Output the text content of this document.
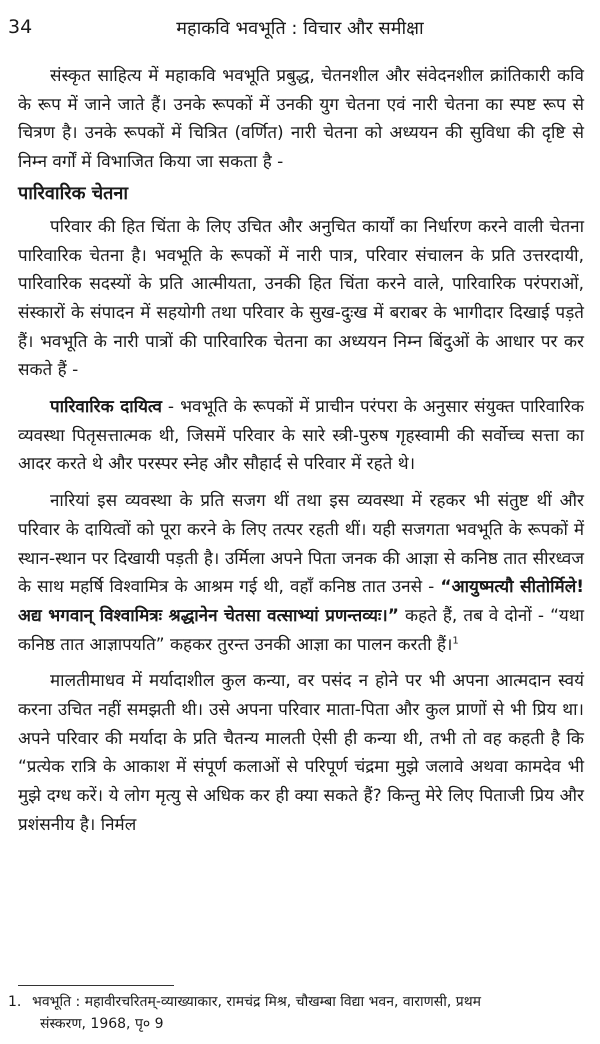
34	महाकवि भवभूति : विचार और समीक्षा

संस्कृत साहित्य में महाकवि भवभूति प्रबुद्ध, चेतनशील और संवेदनशील क्रांतिकारी कवि के रूप में जाने जाते हैं। उनके रूपकों में उनकी युग चेतना एवं नारी चेतना का स्पष्ट रूप से चित्रण है। उनके रूपकों में चित्रित (वर्णित) नारी चेतना को अध्ययन की सुविधा की दृष्टि से निम्न वर्गों में विभाजित किया जा सकता है -

पारिवारिक चेतना

परिवार की हित चिंता के लिए उचित और अनुचित कार्यों का निर्धारण करने वाली चेतना पारिवारिक चेतना है। भवभूति के रूपकों में नारी पात्र, परिवार संचालन के प्रति उत्तरदायी, पारिवारिक सदस्यों के प्रति आत्मीयता, उनकी हित चिंता करने वाले, पारिवारिक परंपराओं, संस्कारों के संपादन में सहयोगी तथा परिवार के सुख-दुःख में बराबर के भागीदार दिखाई पड़ते हैं। भवभूति के नारी पात्रों की पारिवारिक चेतना का अध्ययन निम्न बिंदुओं के आधार पर कर सकते हैं -

पारिवारिक दायित्व - भवभूति के रूपकों में प्राचीन परंपरा के अनुसार संयुक्त पारिवारिक व्यवस्था पितृसत्तात्मक थी, जिसमें परिवार के सारे स्त्री-पुरुष गृहस्वामी की सर्वोच्च सत्ता का आदर करते थे और परस्पर स्नेह और सौहार्द से परिवार में रहते थे।

नारियां इस व्यवस्था के प्रति सजग थीं तथा इस व्यवस्था में रहकर भी संतुष्ट थीं और परिवार के दायित्वों को पूरा करने के लिए तत्पर रहती थीं। यही सजगता भवभूति के रूपकों में स्थान-स्थान पर दिखायी पड़ती है। उर्मिला अपने पिता जनक की आज्ञा से कनिष्ठ तात सीरध्वज के साथ महर्षि विश्वामित्र के आश्रम गई थी, वहाँ कनिष्ठ तात उनसे - “आयुष्मत्यौ सीतोर्मिले! अद्य भगवान् विश्वामित्रः श्रद्धानेन चेतसा वत्साभ्यां प्रणन्तव्यः।” कहते हैं, तब वे दोनों - “यथा कनिष्ठ तात आज्ञापयति” कहकर तुरन्त उनकी आज्ञा का पालन करती हैं।$^1$

मालतीमाधव में मर्यादाशील कुल कन्या, वर पसंद न होने पर भी अपना आत्मदान स्वयं करना उचित नहीं समझती थी। उसे अपना परिवार माता-पिता और कुल प्राणों से भी प्रिय था। अपने परिवार की मर्यादा के प्रति चैतन्य मालती ऐसी ही कन्या थी, तभी तो वह कहती है कि “प्रत्येक रात्रि के आकाश में संपूर्ण कलाओं से परिपूर्ण चंद्रमा मुझे जलावे अथवा कामदेव भी मुझे दग्ध करें। ये लोग मृत्यु से अधिक कर ही क्या सकते हैं? किन्तु मेरे लिए पिताजी प्रिय और प्रशंसनीय है। निर्मल

1. भवभूति : महावीरचरितम्-व्याख्याकार, रामचंद्र मिश्र, चौखम्बा विद्या भवन, वाराणसी, प्रथम
संस्करण, 1968, पृ० 9
